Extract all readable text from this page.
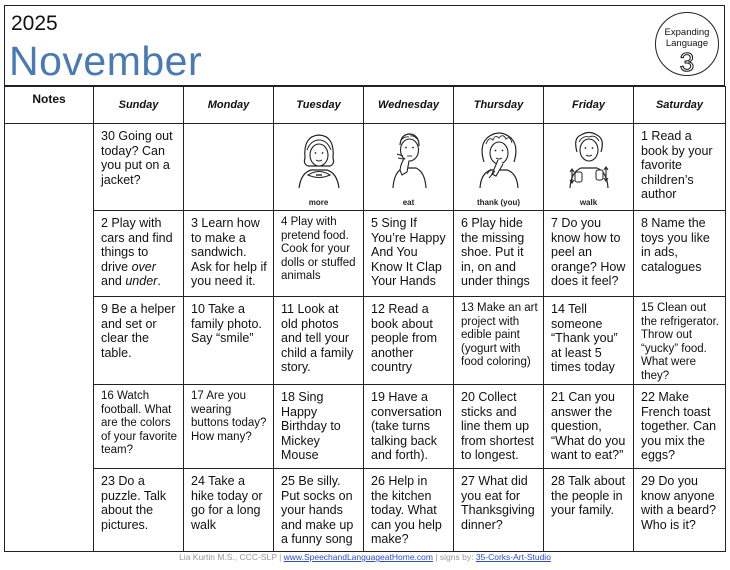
2025
November
Expanding
Language
3
Notes	Sunday	Monday	Tuesday	Wednesday	Thursday	Friday	Saturday
	30 Going out today? Can you put on a jacket?		more	eat	thank (you)	walk	1 Read a book by your favorite children’s author
	2 Play with cars and find things to drive over and under.	3 Learn how to make a sandwich. Ask for help if you need it.	4 Play with pretend food. Cook for your dolls or stuffed animals	5 Sing If You’re Happy And You Know It Clap Your Hands	6 Play hide the missing shoe. Put it in, on and under things	7 Do you know how to peel an orange? How does it feel?	8 Name the toys you like in ads, catalogues
	9 Be a helper and set or clear the table.	10 Take a family photo. Say “smile”	11 Look at old photos and tell your child a family story.	12 Read a book about people from another country	13 Make an art project with edible paint (yogurt with food coloring)	14 Tell someone “Thank you” at least 5 times today	15 Clean out the refrigerator. Throw out “yucky” food. What were they?
	16 Watch football. What are the colors of your favorite team?	17 Are you wearing buttons today? How many?	18 Sing Happy Birthday to Mickey Mouse	19 Have a conversation (take turns talking back and forth).	20 Collect sticks and line them up from shortest to longest.	21 Can you answer the question, “What do you want to eat?”	22 Make French toast together. Can you mix the eggs?
	23 Do a puzzle. Talk about the pictures.	24 Take a hike today or go for a long walk	25 Be silly. Put socks on your hands and make up a funny song	26 Help in the kitchen today. What can you help make?	27 What did you eat for Thanksgiving dinner?	28 Talk about the people in your family.	29 Do you know anyone with a beard? Who is it?
Lia Kurtin M.S., CCC-SLP | www.SpeechandLanguageatHome.com | signs by: 35-Corks-Art-Studio
